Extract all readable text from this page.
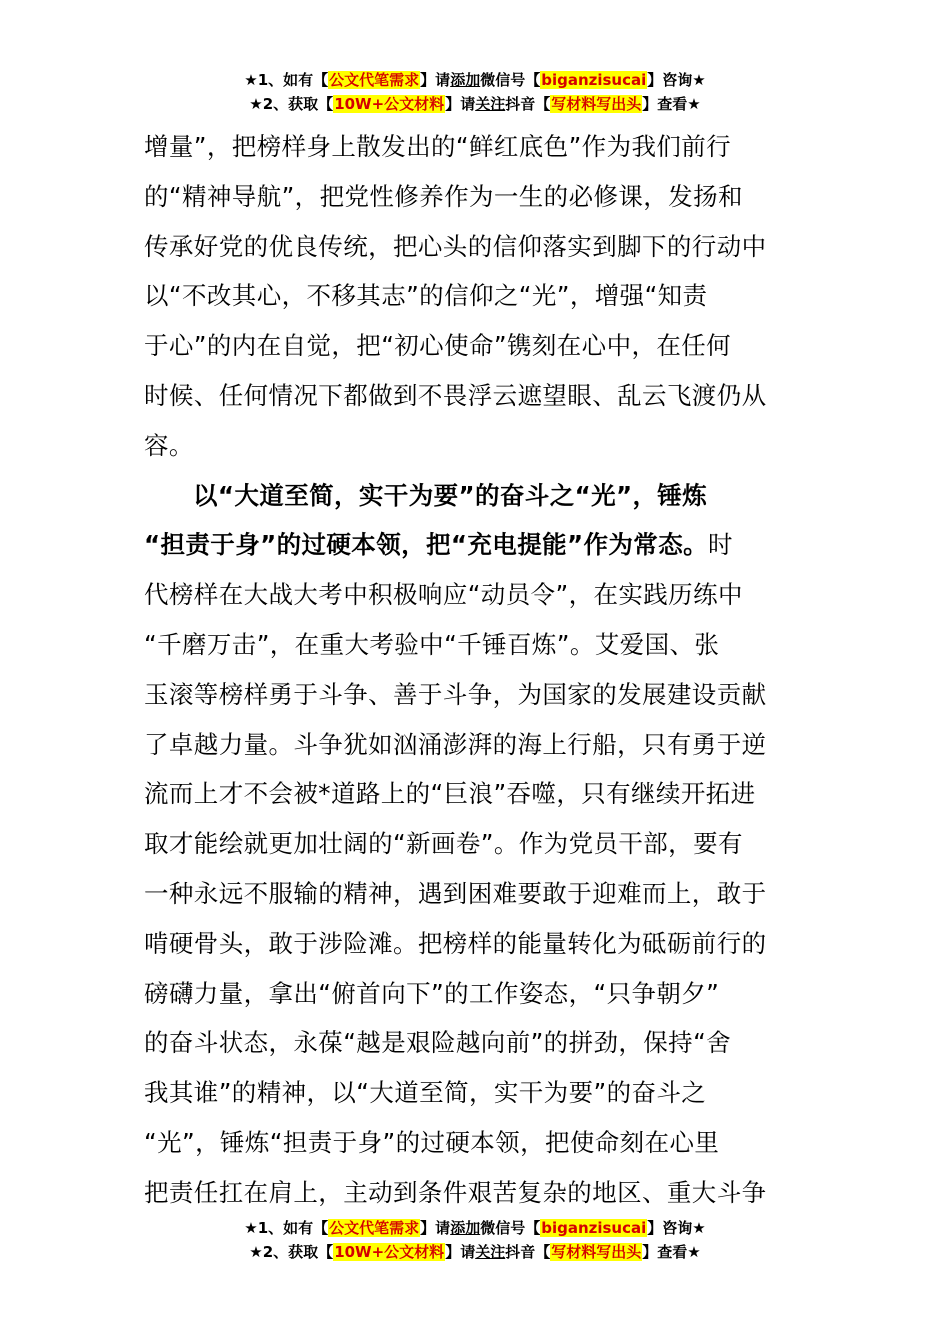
★1、如有【公文代笔需求】请添加微信号【biganzisucai】咨询★
★2、获取【10W+公文材料】请关注抖音【写材料写出头】查看★
增量”，把榜样身上散发出的“鲜红底色”作为我们前行
的“精神导航”，把党性修养作为一生的必修课，发扬和
传承好党的优良传统，把心头的信仰落实到脚下的行动中
以“不改其心，不移其志”的信仰之“光”，增强“知责
于心”的内在自觉，把“初心使命”镌刻在心中，在任何
时候、任何情况下都做到不畏浮云遮望眼、乱云飞渡仍从
容。
以“大道至简，实干为要”的奋斗之“光”，锤炼
“担责于身”的过硬本领，把“充电提能”作为常态。时
代榜样在大战大考中积极响应“动员令”，在实践历练中
“千磨万击”，在重大考验中“千锤百炼”。艾爱国、张
玉滚等榜样勇于斗争、善于斗争，为国家的发展建设贡献
了卓越力量。斗争犹如汹涌澎湃的海上行船，只有勇于逆
流而上才不会被*道路上的“巨浪”吞噬，只有继续开拓进
取才能绘就更加壮阔的“新画卷”。作为党员干部，要有
一种永远不服输的精神，遇到困难要敢于迎难而上，敢于
啃硬骨头，敢于涉险滩。把榜样的能量转化为砥砺前行的
磅礴力量，拿出“俯首向下”的工作姿态，“只争朝夕”
的奋斗状态，永葆“越是艰险越向前”的拼劲，保持“舍
我其谁”的精神，以“大道至简，实干为要”的奋斗之
“光”，锤炼“担责于身”的过硬本领，把使命刻在心里
把责任扛在肩上，主动到条件艰苦复杂的地区、重大斗争
★1、如有【公文代笔需求】请添加微信号【biganzisucai】咨询★
★2、获取【10W+公文材料】请关注抖音【写材料写出头】查看★
